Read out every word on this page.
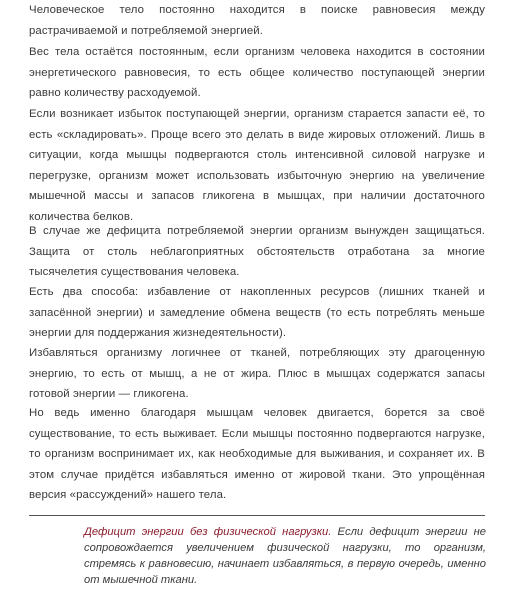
Человеческое тело постоянно находится в поиске равновесия между растрачиваемой и потребляемой энергией.

Вес тела остаётся постоянным, если организм человека находится в состоянии энергетического равновесия, то есть общее количество поступающей энергии равно количеству расходуемой.

Если возникает избыток поступающей энергии, организм старается запасти её, то есть «складировать». Проще всего это делать в виде жировых отложений. Лишь в ситуации, когда мышцы подвергаются столь интенсивной силовой нагрузке и перегрузке, организм может использовать избыточную энергию на увеличение мышечной массы и запасов гликогена в мышцах, при наличии достаточного количества белков.

В случае же дефицита потребляемой энергии организм вынужден защищаться. Защита от столь неблагоприятных обстоятельств отработана за многие тысячелетия существования человека.

Есть два способа: избавление от накопленных ресурсов (лишних тканей и запасённой энергии) и замедление обмена веществ (то есть потреблять меньше энергии для поддержания жизнедеятельности).

Избавляться организму логичнее от тканей, потребляющих эту драгоценную энергию, то есть от мышц, а не от жира. Плюс в мышцах содержатся запасы готовой энергии — гликогена.

Но ведь именно благодаря мышцам человек двигается, борется за своё существование, то есть выживает. Если мышцы постоянно подвергаются нагрузке, то организм воспринимает их, как необходимые для выживания, и сохраняет их. В этом случае придётся избавляться именно от жировой ткани. Это упрощённая версия «рассуждений» нашего тела.

Дефицит энергии без физической нагрузки. Если дефицит энергии не сопровождается увеличением физической нагрузки, то организм, стремясь к равновесию, начинает избавляться, в первую очередь, именно от мышечной ткани.
